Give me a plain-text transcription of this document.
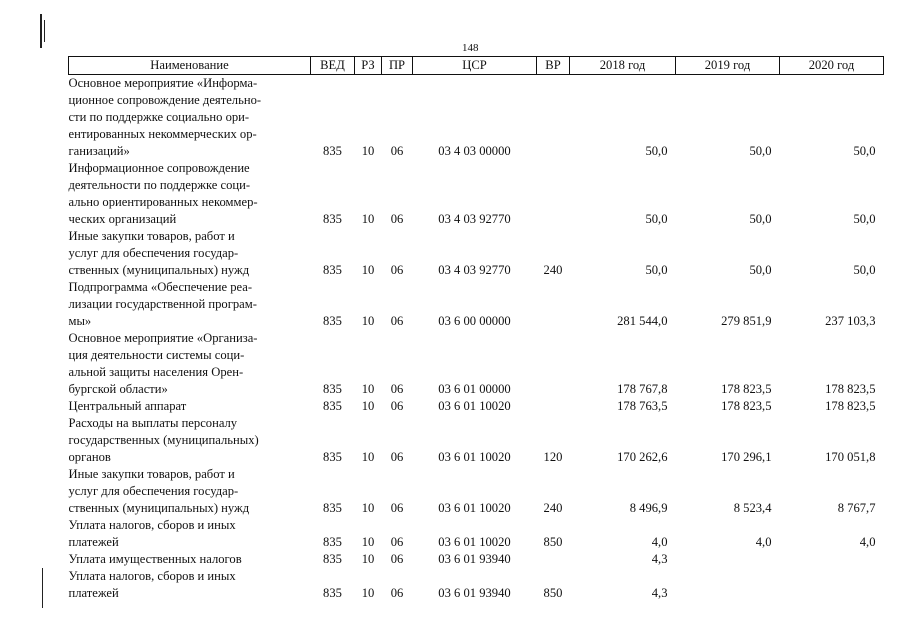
148
Наименование	ВЕД	РЗ	ПР	ЦСР	ВР	2018 год	2019 год	2020 год

Основное мероприятие «Информа-
ционное сопровождение деятельно-
сти по поддержке социально ори-
ентированных некоммерческих ор-
ганизаций»	835	10	06	03 4 03 00000		50,0	50,0	50,0

Информационное сопровождение
деятельности по поддержке соци-
ально ориентированных некоммер-
ческих организаций	835	10	06	03 4 03 92770		50,0	50,0	50,0

Иные закупки товаров, работ и
услуг для обеспечения государ-
ственных (муниципальных) нужд	835	10	06	03 4 03 92770	240	50,0	50,0	50,0

Подпрограмма «Обеспечение реа-
лизации государственной програм-
мы»	835	10	06	03 6 00 00000		281 544,0	279 851,9	237 103,3

Основное мероприятие «Организа-
ция деятельности системы соци-
альной защиты населения Орен-
бургской области»	835	10	06	03 6 01 00000		178 767,8	178 823,5	178 823,5

Центральный аппарат	835	10	06	03 6 01 10020		178 763,5	178 823,5	178 823,5

Расходы на выплаты персоналу
государственных (муниципальных)
органов	835	10	06	03 6 01 10020	120	170 262,6	170 296,1	170 051,8

Иные закупки товаров, работ и
услуг для обеспечения государ-
ственных (муниципальных) нужд	835	10	06	03 6 01 10020	240	8 496,9	8 523,4	8 767,7

Уплата налогов, сборов и иных
платежей	835	10	06	03 6 01 10020	850	4,0	4,0	4,0

Уплата имущественных налогов	835	10	06	03 6 01 93940		4,3		

Уплата налогов, сборов и иных
платежей	835	10	06	03 6 01 93940	850	4,3		
